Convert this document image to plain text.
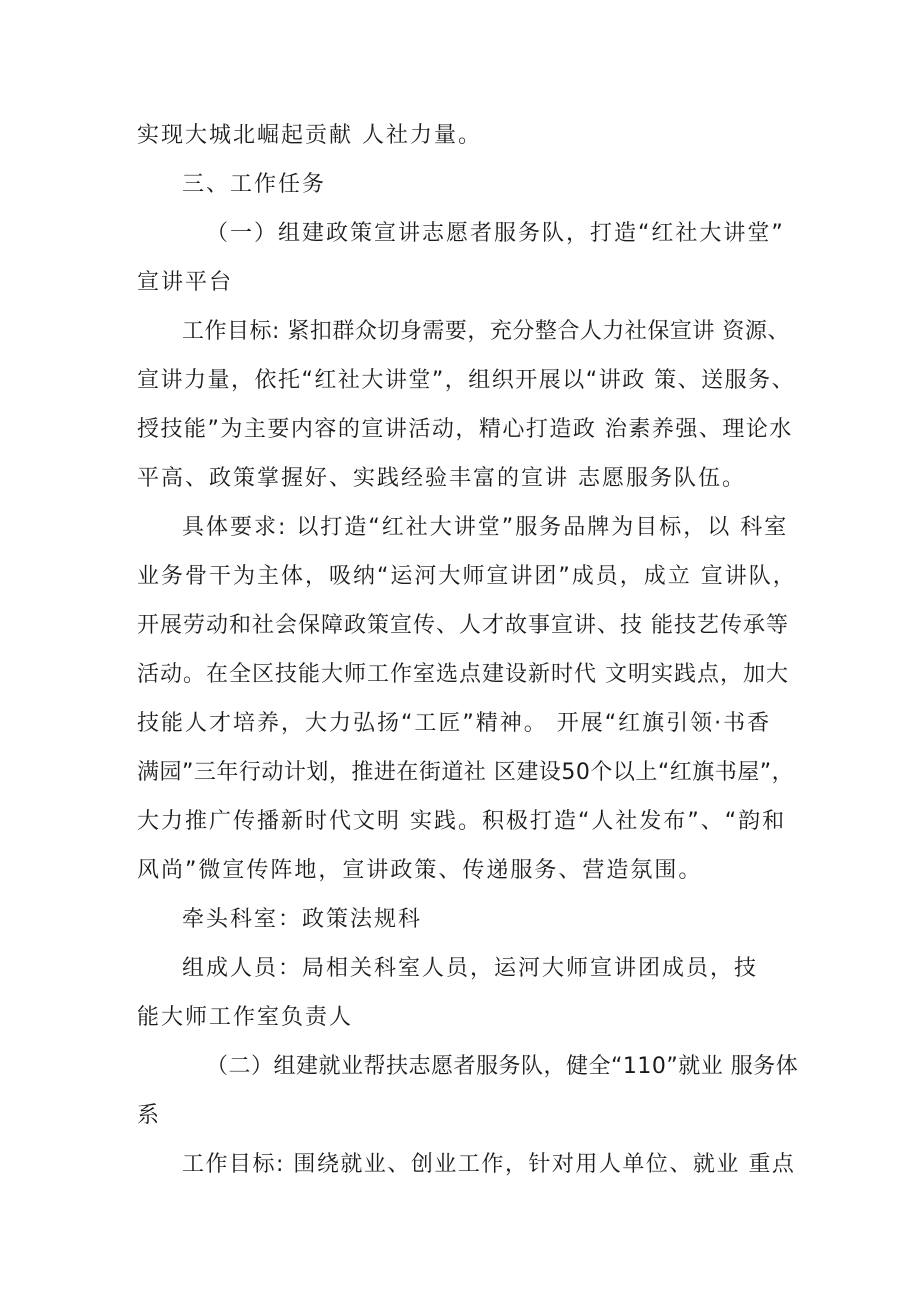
实现大城北崛起贡献 人社力量。
三、工作任务
（一）组建政策宣讲志愿者服务队，打造“红社大讲堂”
宣讲平台
工作目标: 紧扣群众切身需要，充分整合人力社保宣讲 资源、
宣讲力量，依托“红社大讲堂”，组织开展以“讲政 策、送服务、
授技能”为主要内容的宣讲活动，精心打造政 治素养强、理论水
平高、政策掌握好、实践经验丰富的宣讲 志愿服务队伍。
具体要求: 以打造“红社大讲堂”服务品牌为目标，以 科室
业务骨干为主体，吸纳“运河大师宣讲团”成员，成立 宣讲队，
开展劳动和社会保障政策宣传、人才故事宣讲、技 能技艺传承等
活动。在全区技能大师工作室选点建设新时代 文明实践点，加大
技能人才培养，大力弘扬“工匠”精神。 开展“红旗引领·书香
满园”三年行动计划，推进在街道社 区建设50个以上“红旗书屋”，
大力推广传播新时代文明 实践。积极打造“人社发布”、“韵和
风尚”微宣传阵地，宣讲政策、传递服务、营造氛围。
牵头科室：政策法规科
组成人员：局相关科室人员，运河大师宣讲团成员，技
能大师工作室负责人
（二）组建就业帮扶志愿者服务队，健全“110”就业 服务体
系
工作目标: 围绕就业、创业工作，针对用人单位、就业 重点
